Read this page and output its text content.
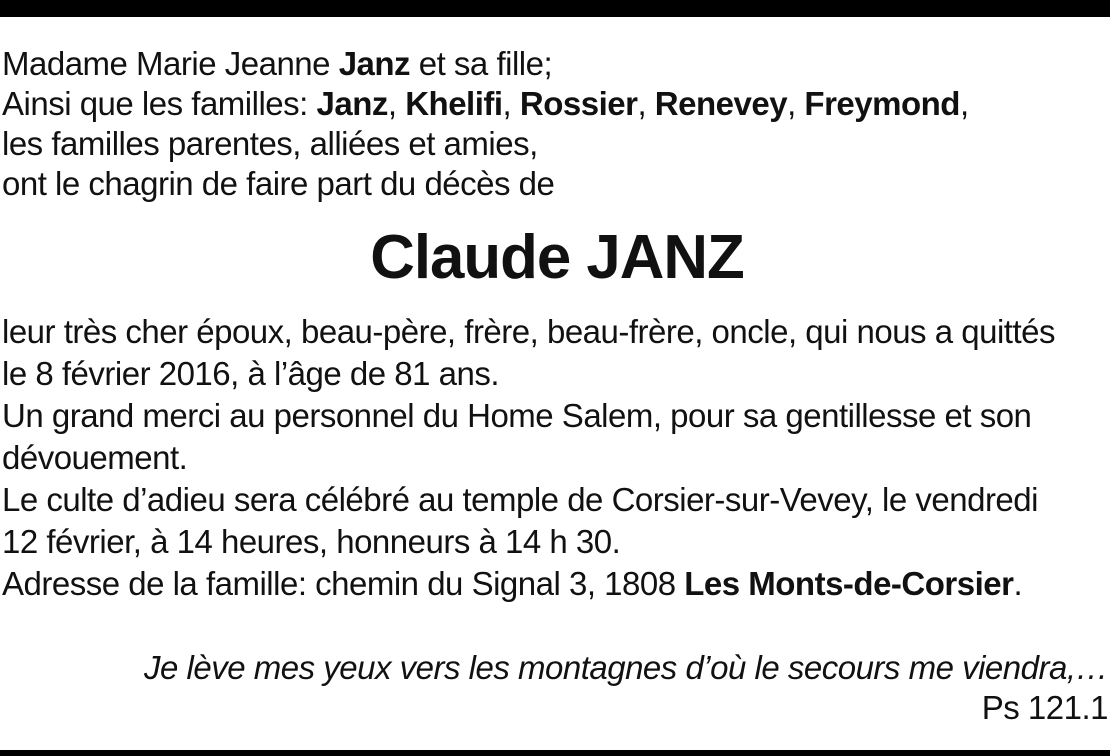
Madame Marie Jeanne Janz et sa fille;
Ainsi que les familles: Janz, Khelifi, Rossier, Renevey, Freymond,
les familles parentes, alliées et amies,
ont le chagrin de faire part du décès de
Claude JANZ
leur très cher époux, beau-père, frère, beau-frère, oncle, qui nous a quittés
le 8 février 2016, à l’âge de 81 ans.
Un grand merci au personnel du Home Salem, pour sa gentillesse et son
dévouement.
Le culte d’adieu sera célébré au temple de Corsier-sur-Vevey, le vendredi
12 février, à 14 heures, honneurs à 14 h 30.
Adresse de la famille: chemin du Signal 3, 1808 Les Monts-de-Corsier.
Je lève mes yeux vers les montagnes d’où le secours me viendra,…
Ps 121.1
